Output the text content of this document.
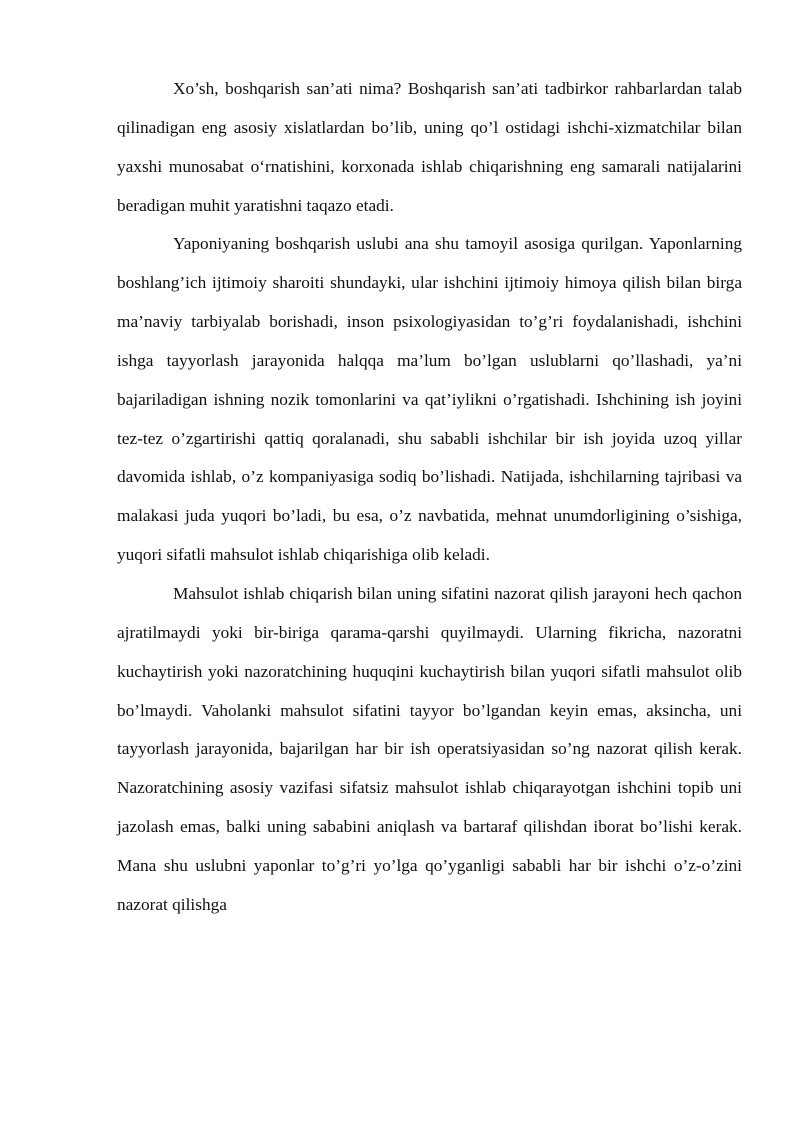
Xo’sh, boshqarish san’ati nima? Boshqarish san’ati tadbirkor rahbarlardan talab qilinadigan eng asosiy xislatlardan bo’lib, uning qo’l ostidagi ishchi-xizmatchilar bilan yaxshi munosabat o‘rnatishini, korxonada ishlab chiqarishning eng samarali natijalarini beradigan muhit yaratishni taqazo etadi.

Yaponiyaning boshqarish uslubi ana shu tamoyil asosiga qurilgan. Yaponlarning boshlang’ich ijtimoiy sharoiti shundayki, ular ishchini ijtimoiy himoya qilish bilan birga ma’naviy tarbiyalab borishadi, inson psixologiyasidan to’g’ri foydalanishadi, ishchini ishga tayyorlash jarayonida halqqa ma’lum bo’lgan uslublarni qo’llashadi, ya’ni bajariladigan ishning nozik tomonlarini va qat’iylikni o’rgatishadi. Ishchining ish joyini tez-tez o’zgartirishi qattiq qoralanadi, shu sababli ishchilar bir ish joyida uzoq yillar davomida ishlab, o’z kompaniyasiga sodiq bo’lishadi. Natijada, ishchilarning tajribasi va malakasi juda yuqori bo’ladi, bu esa, o’z navbatida, mehnat unumdorligining o’sishiga, yuqori sifatli mahsulot ishlab chiqarishiga olib keladi.

Mahsulot ishlab chiqarish bilan uning sifatini nazorat qilish jarayoni hech qachon ajratilmaydi yoki bir-biriga qarama-qarshi quyilmaydi. Ularning fikricha, nazoratni kuchaytirish yoki nazoratchining huquqini kuchaytirish bilan yuqori sifatli mahsulot olib bo’lmaydi. Vaholanki mahsulot sifatini tayyor bo’lgandan keyin emas, aksincha, uni tayyorlash jarayonida, bajarilgan har bir ish operatsiyasidan so’ng nazorat qilish kerak. Nazoratchining asosiy vazifasi sifatsiz mahsulot ishlab chiqarayotgan ishchini topib uni jazolash emas, balki uning sababini aniqlash va bartaraf qilishdan iborat bo’lishi kerak. Mana shu uslubni yaponlar to’g’ri yo’lga qo’yganligi sababli har bir ishchi o’z-o’zini nazorat qilishga
